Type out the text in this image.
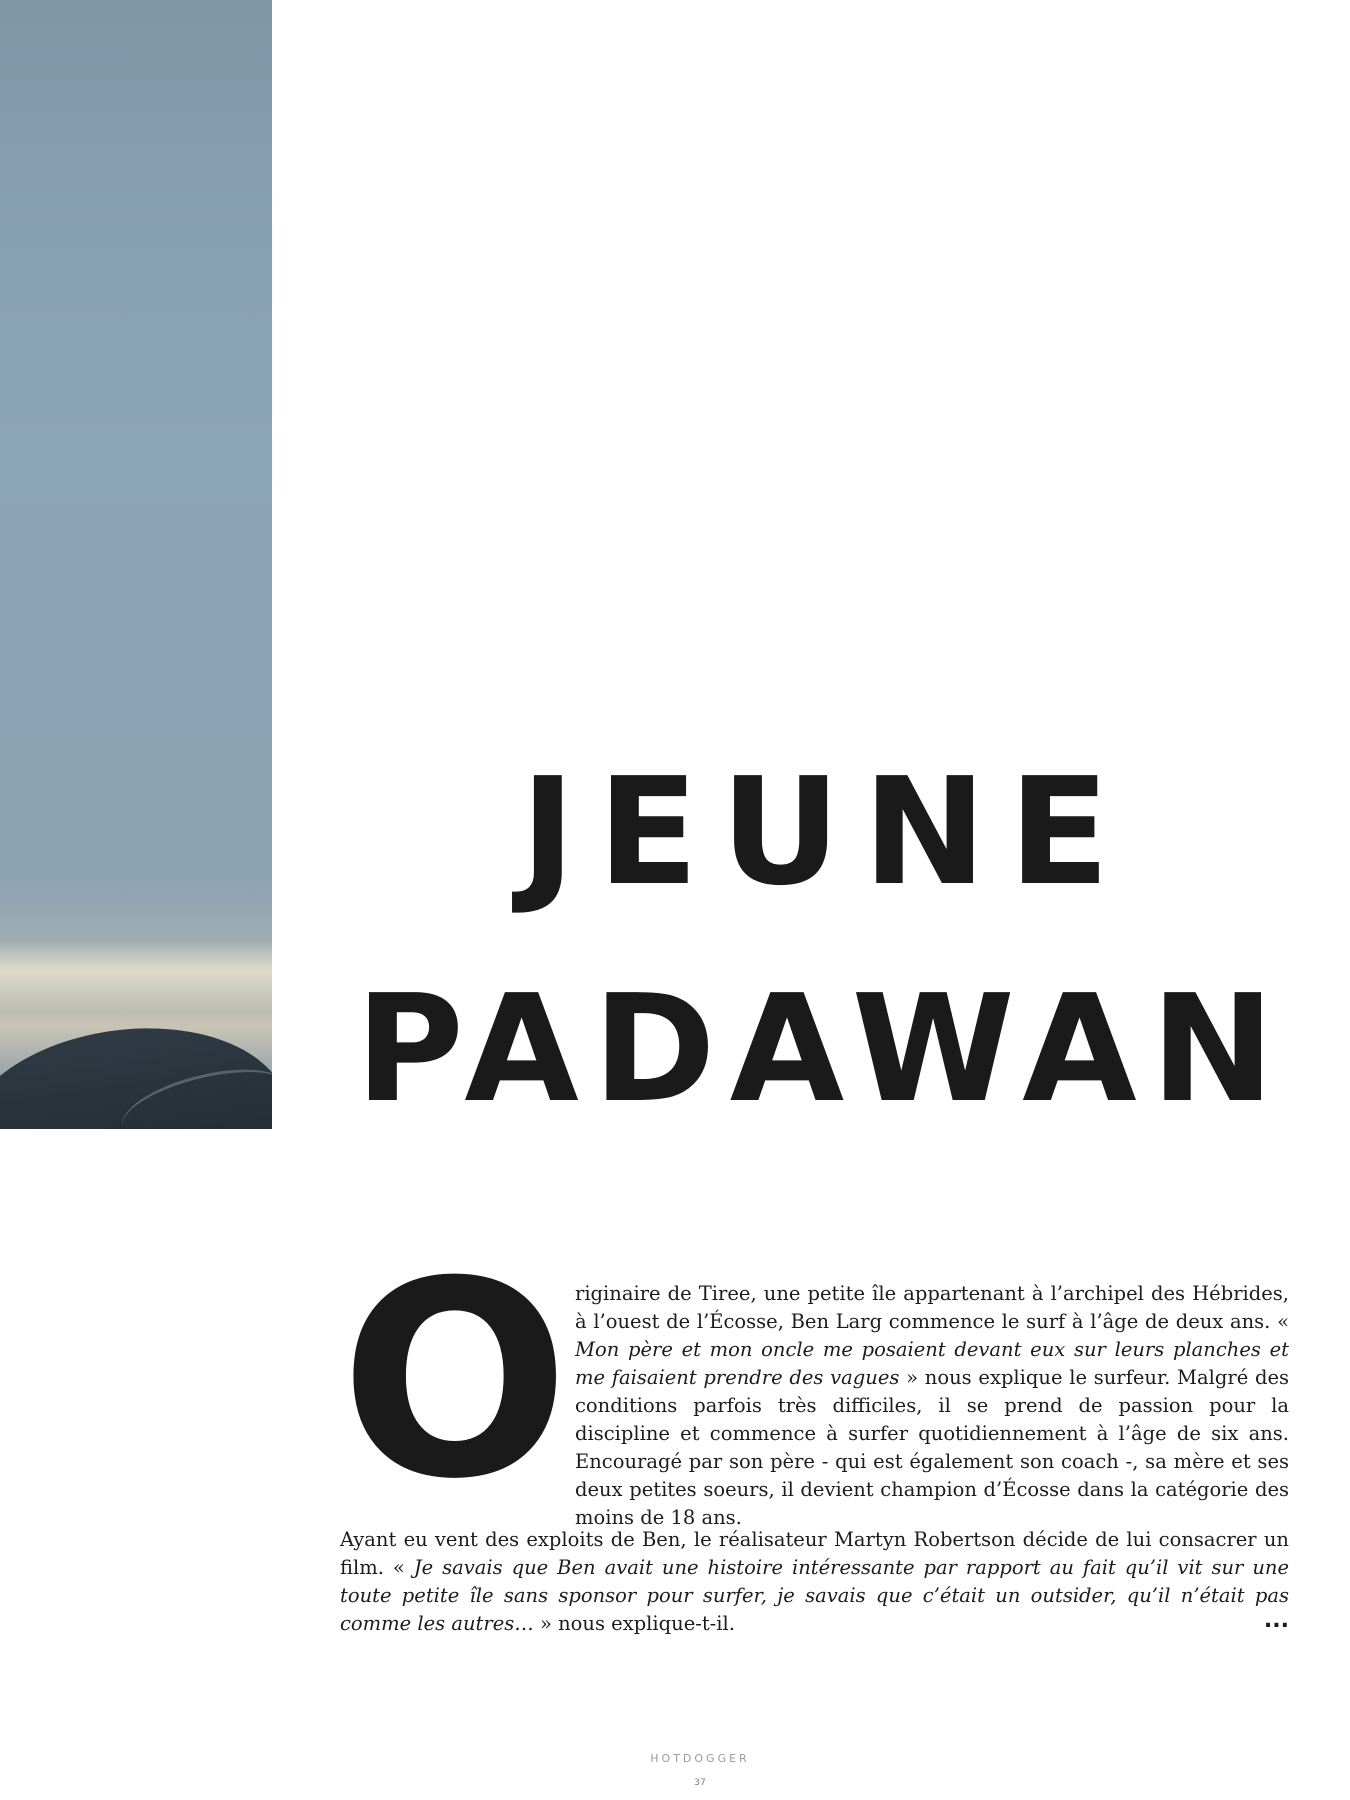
JEUNE
PADAWAN
O riginaire de Tiree, une petite île appartenant à l’archipel des Hébrides, à l’ouest de l’Écosse, Ben Larg commence le surf à l’âge de deux ans. « Mon père et mon oncle me posaient devant eux sur leurs planches et me faisaient prendre des vagues » nous explique le surfeur. Malgré des conditions parfois très difficiles, il se prend de passion pour la discipline et commence à surfer quotidiennement à l’âge de six ans. Encouragé par son père - qui est également son coach -, sa mère et ses deux petites soeurs, il devient champion d’Écosse dans la catégorie des moins de 18 ans.

Ayant eu vent des exploits de Ben, le réalisateur Martyn Robertson décide de lui consacrer un film. « Je savais que Ben avait une histoire intéressante par rapport au fait qu’il vit sur une toute petite île sans sponsor pour surfer, je savais que c’était un outsider, qu’il n’était pas comme les autres… » nous explique-t-il.	...
HOTDOGGER
37
